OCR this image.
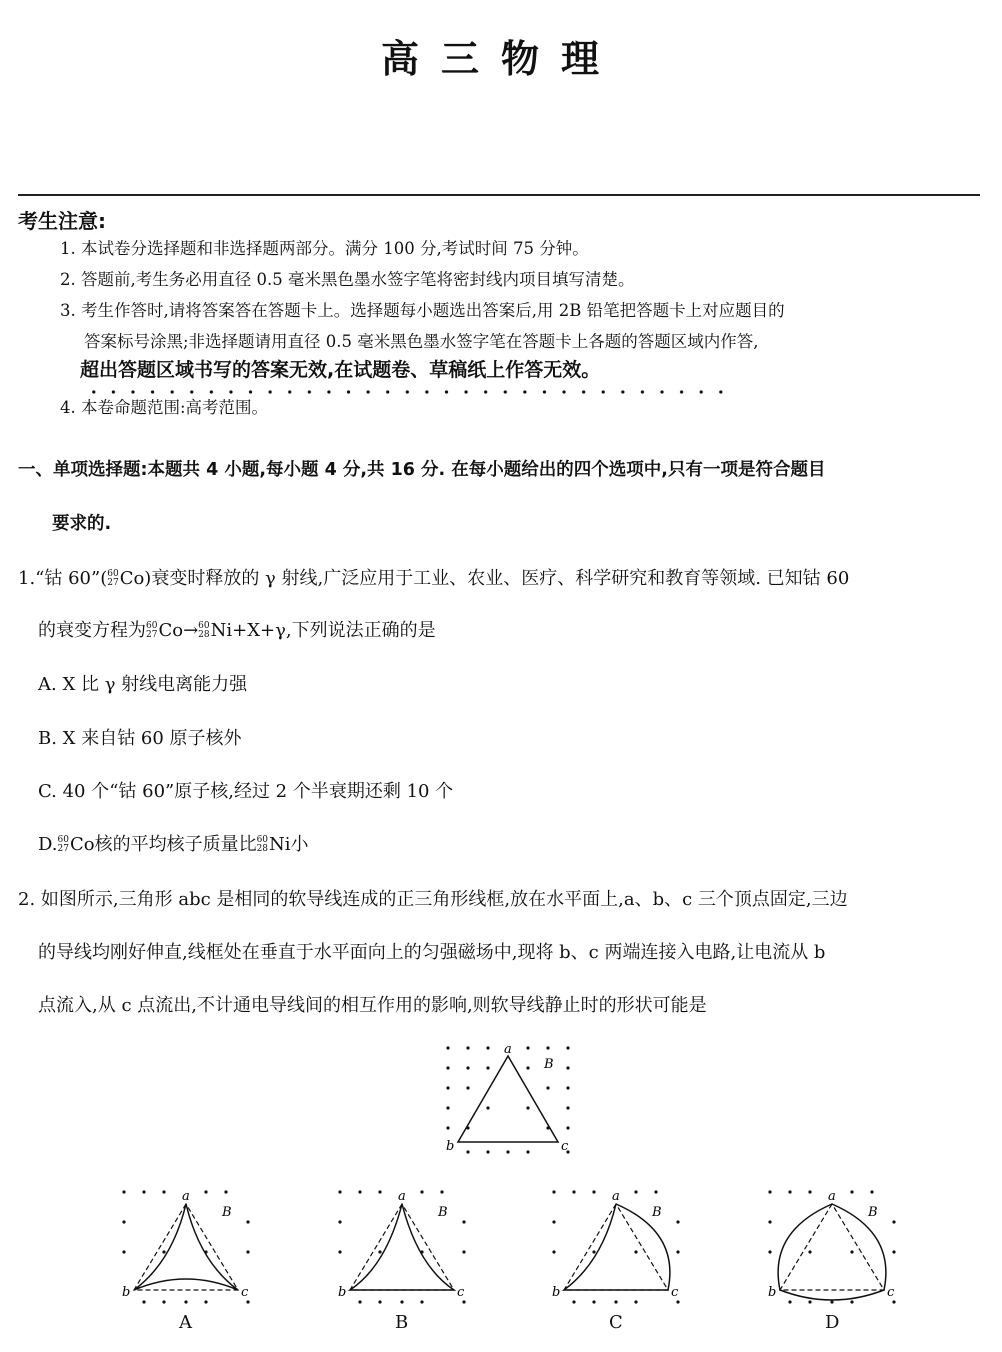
高三物理
考生注意:
1. 本试卷分选择题和非选择题两部分。满分 100 分,考试时间 75 分钟。
2. 答题前,考生务必用直径 0.5 毫米黑色墨水签字笔将密封线内项目填写清楚。
3. 考生作答时,请将答案答在答题卡上。选择题每小题选出答案后,用 2B 铅笔把答题卡上对应题目的
答案标号涂黑;非选择题请用直径 0.5 毫米黑色墨水签字笔在答题卡上各题的答题区域内作答,
超出答题区域书写的答案无效,在试题卷、草稿纸上作答无效。
4. 本卷命题范围:高考范围。
一、单项选择题:本题共 4 小题,每小题 4 分,共 16 分. 在每小题给出的四个选项中,只有一项是符合题目
要求的.
1.“钴 60”( 60
27 Co)衰变时释放的 γ 射线,广泛应用于工业、农业、医疗、科学研究和教育等领域. 已知钴 60
的衰变方程为 60
27 Co→ 60
28 Ni+X+γ,下列说法正确的是
A. X 比 γ 射线电离能力强
B. X 来自钴 60 原子核外
C. 40 个“钴 60”原子核,经过 2 个半衰期还剩 10 个
D. 60
27 Co核的平均核子质量比 60
28 Ni小
2. 如图所示,三角形 abc 是相同的软导线连成的正三角形线框,放在水平面上,a、b、c 三个顶点固定,三边
的导线均刚好伸直,线框处在垂直于水平面向上的匀强磁场中,现将 b、c 两端连接入电路,让电流从 b
点流入,从 c 点流出,不计通电导线间的相互作用的影响,则软导线静止时的形状可能是
a
b	c
B
a
b	c
B
a
b	c
B
a
b	c
B
a
b	c
B
A	B	C	D
